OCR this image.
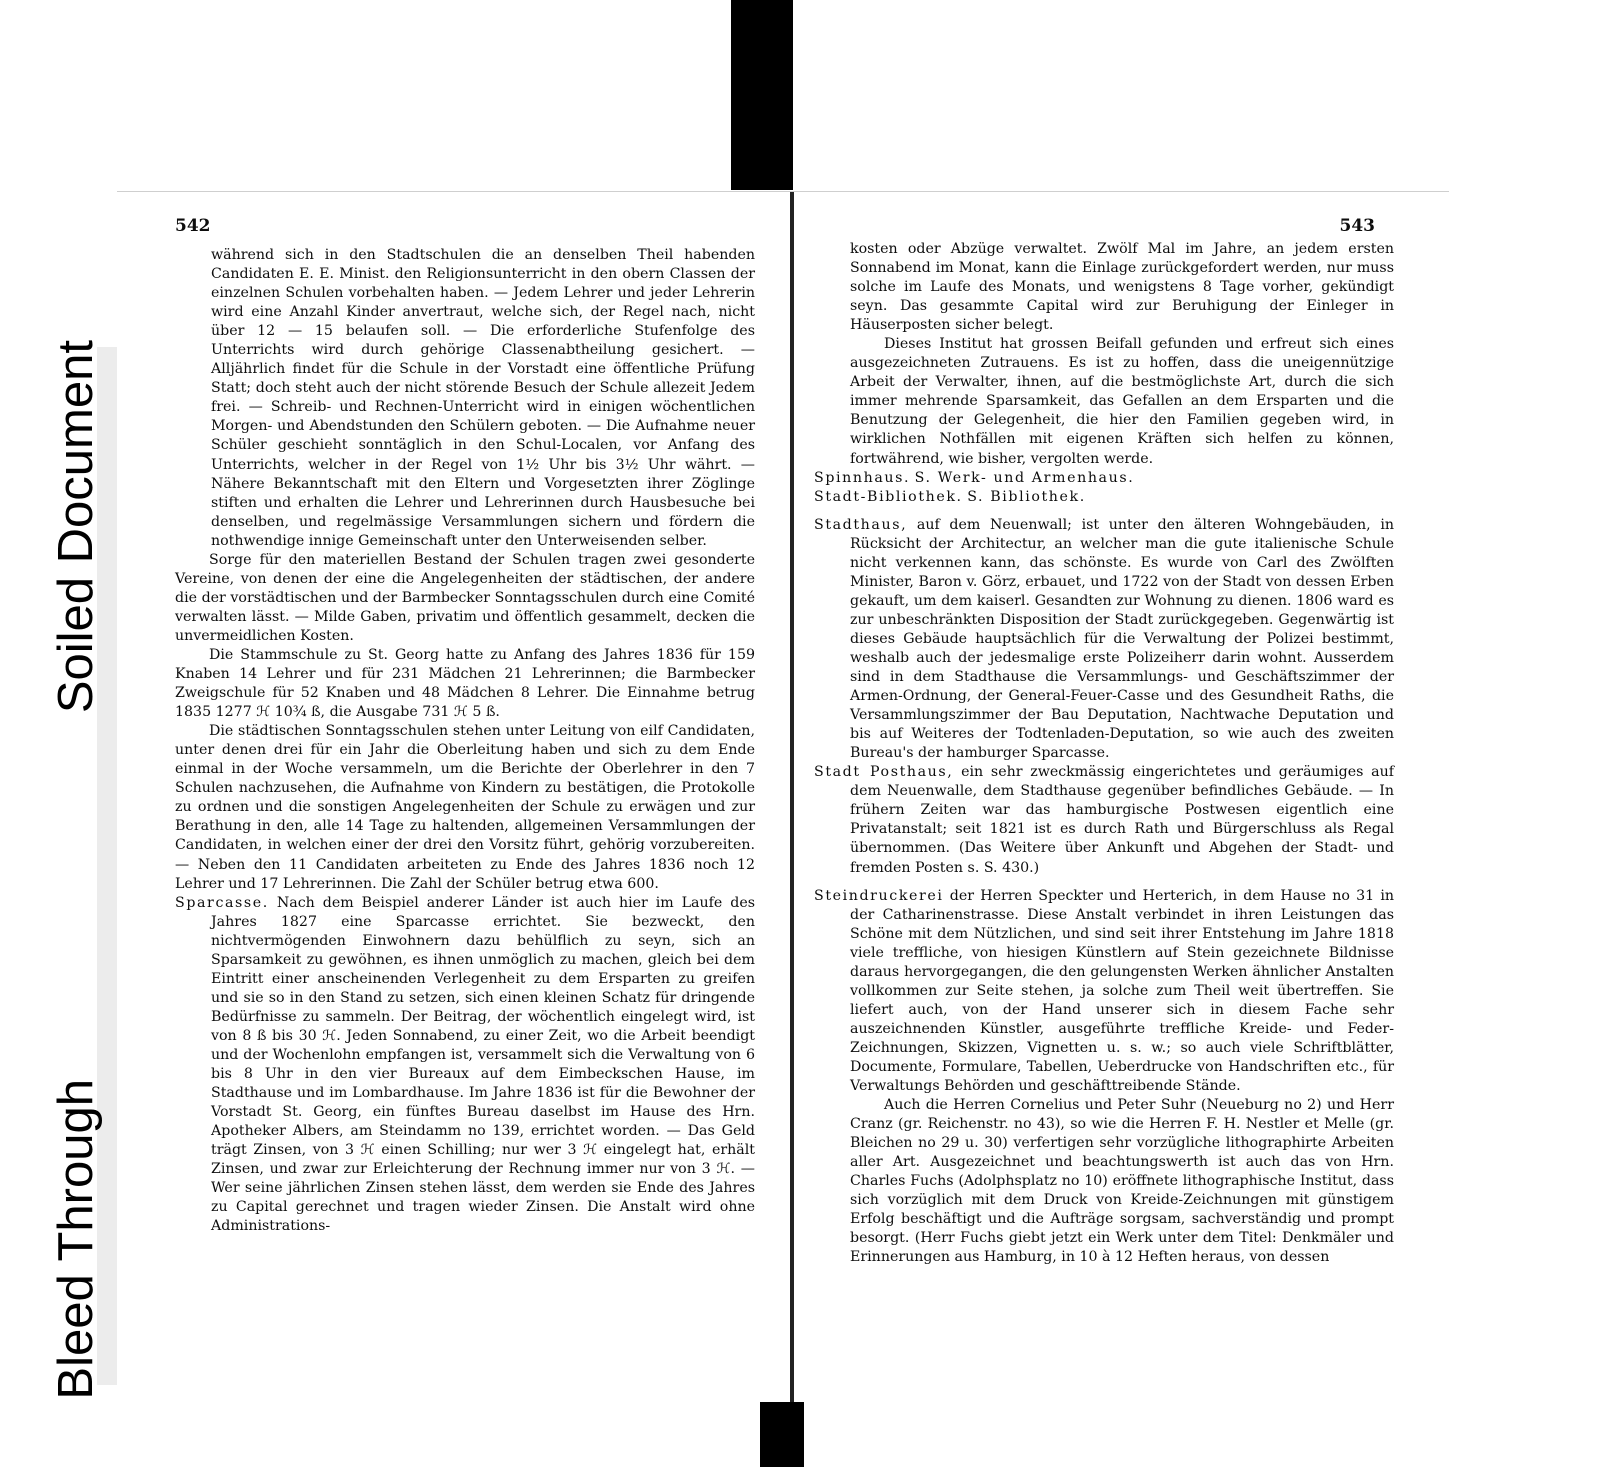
Bleed Through
Soiled Document
542

während sich in den Stadtschulen die an denselben Theil habenden Candidaten E. E. Minist. den Religionsunterricht in den obern Classen der einzelnen Schulen vorbehalten haben. — Jedem Lehrer und jeder Lehrerin wird eine Anzahl Kinder anvertraut, welche sich, der Regel nach, nicht über 12 — 15 belaufen soll. — Die erforderliche Stufenfolge des Unterrichts wird durch gehörige Classenabtheilung gesichert. — Alljährlich findet für die Schule in der Vorstadt eine öffentliche Prüfung Statt; doch steht auch der nicht störende Besuch der Schule allezeit Jedem frei. — Schreib- und Rechnen-Unterricht wird in einigen wöchentlichen Morgen- und Abendstunden den Schülern geboten. — Die Aufnahme neuer Schüler geschieht sonntäglich in den Schul-Localen, vor Anfang des Unterrichts, welcher in der Regel von 1½ Uhr bis 3½ Uhr währt. — Nähere Bekanntschaft mit den Eltern und Vorgesetzten ihrer Zöglinge stiften und erhalten die Lehrer und Lehrerinnen durch Hausbesuche bei denselben, und regelmässige Versammlungen sichern und fördern die nothwendige innige Gemeinschaft unter den Unterweisenden selber.

Sorge für den materiellen Bestand der Schulen tragen zwei gesonderte Vereine, von denen der eine die Angelegenheiten der städtischen, der andere die der vorstädtischen und der Barmbecker Sonntagsschulen durch eine Comité verwalten lässt. — Milde Gaben, privatim und öffentlich gesammelt, decken die unvermeidlichen Kosten.

Die Stammschule zu St. Georg hatte zu Anfang des Jahres 1836 für 159 Knaben 14 Lehrer und für 231 Mädchen 21 Lehrerinnen; die Barmbecker Zweigschule für 52 Knaben und 48 Mädchen 8 Lehrer. Die Einnahme betrug 1835 1277 ℋ 10¾ ß, die Ausgabe 731 ℋ 5 ß.

Die städtischen Sonntagsschulen stehen unter Leitung von eilf Candidaten, unter denen drei für ein Jahr die Oberleitung haben und sich zu dem Ende einmal in der Woche versammeln, um die Berichte der Oberlehrer in den 7 Schulen nachzusehen, die Aufnahme von Kindern zu bestätigen, die Protokolle zu ordnen und die sonstigen Angelegenheiten der Schule zu erwägen und zur Berathung in den, alle 14 Tage zu haltenden, allgemeinen Versammlungen der Candidaten, in welchen einer der drei den Vorsitz führt, gehörig vorzubereiten. — Neben den 11 Candidaten arbeiteten zu Ende des Jahres 1836 noch 12 Lehrer und 17 Lehrerinnen. Die Zahl der Schüler betrug etwa 600.

Sparcasse. Nach dem Beispiel anderer Länder ist auch hier im Laufe des Jahres 1827 eine Sparcasse errichtet. Sie bezweckt, den nichtvermögenden Einwohnern dazu behülflich zu seyn, sich an Sparsamkeit zu gewöhnen, es ihnen unmöglich zu machen, gleich bei dem Eintritt einer anscheinenden Verlegenheit zu dem Ersparten zu greifen und sie so in den Stand zu setzen, sich einen kleinen Schatz für dringende Bedürfnisse zu sammeln. Der Beitrag, der wöchentlich eingelegt wird, ist von 8 ß bis 30 ℋ. Jeden Sonnabend, zu einer Zeit, wo die Arbeit beendigt und der Wochenlohn empfangen ist, versammelt sich die Verwaltung von 6 bis 8 Uhr in den vier Bureaux auf dem Eimbeckschen Hause, im Stadthause und im Lombardhause. Im Jahre 1836 ist für die Bewohner der Vorstadt St. Georg, ein fünftes Bureau daselbst im Hause des Hrn. Apotheker Albers, am Steindamm no 139, errichtet worden. — Das Geld trägt Zinsen, von 3 ℋ einen Schilling; nur wer 3 ℋ eingelegt hat, erhält Zinsen, und zwar zur Erleichterung der Rechnung immer nur von 3 ℋ. — Wer seine jährlichen Zinsen stehen lässt, dem werden sie Ende des Jahres zu Capital gerechnet und tragen wieder Zinsen. Die Anstalt wird ohne Administrations-

543

kosten oder Abzüge verwaltet. Zwölf Mal im Jahre, an jedem ersten Sonnabend im Monat, kann die Einlage zurückgefordert werden, nur muss solche im Laufe des Monats, und wenigstens 8 Tage vorher, gekündigt seyn. Das gesammte Capital wird zur Beruhigung der Einleger in Häuserposten sicher belegt.

Dieses Institut hat grossen Beifall gefunden und erfreut sich eines ausgezeichneten Zutrauens. Es ist zu hoffen, dass die uneigennützige Arbeit der Verwalter, ihnen, auf die bestmöglichste Art, durch die sich immer mehrende Sparsamkeit, das Gefallen an dem Ersparten und die Benutzung der Gelegenheit, die hier den Familien gegeben wird, in wirklichen Nothfällen mit eigenen Kräften sich helfen zu können, fortwährend, wie bisher, vergolten werde.

Spinnhaus. S. Werk- und Armenhaus.

Stadt-Bibliothek. S. Bibliothek.

Stadthaus, auf dem Neuenwall; ist unter den älteren Wohngebäuden, in Rücksicht der Architectur, an welcher man die gute italienische Schule nicht verkennen kann, das schönste. Es wurde von Carl des Zwölften Minister, Baron v. Görz, erbauet, und 1722 von der Stadt von dessen Erben gekauft, um dem kaiserl. Gesandten zur Wohnung zu dienen. 1806 ward es zur unbeschränkten Disposition der Stadt zurückgegeben. Gegenwärtig ist dieses Gebäude hauptsächlich für die Verwaltung der Polizei bestimmt, weshalb auch der jedesmalige erste Polizeiherr darin wohnt. Ausserdem sind in dem Stadthause die Versammlungs- und Geschäftszimmer der Armen-Ordnung, der General-Feuer-Casse und des Gesundheit Raths, die Versammlungszimmer der Bau Deputation, Nachtwache Deputation und bis auf Weiteres der Todtenladen-Deputation, so wie auch des zweiten Bureau's der hamburger Sparcasse.

Stadt Posthaus, ein sehr zweckmässig eingerichtetes und geräumiges auf dem Neuenwalle, dem Stadthause gegenüber befindliches Gebäude. — In frühern Zeiten war das hamburgische Postwesen eigentlich eine Privatanstalt; seit 1821 ist es durch Rath und Bürgerschluss als Regal übernommen. (Das Weitere über Ankunft und Abgehen der Stadt- und fremden Posten s. S. 430.)

Steindruckerei der Herren Speckter und Herterich, in dem Hause no 31 in der Catharinenstrasse. Diese Anstalt verbindet in ihren Leistungen das Schöne mit dem Nützlichen, und sind seit ihrer Entstehung im Jahre 1818 viele treffliche, von hiesigen Künstlern auf Stein gezeichnete Bildnisse daraus hervorgegangen, die den gelungensten Werken ähnlicher Anstalten vollkommen zur Seite stehen, ja solche zum Theil weit übertreffen. Sie liefert auch, von der Hand unserer sich in diesem Fache sehr auszeichnenden Künstler, ausgeführte treffliche Kreide- und Feder-Zeichnungen, Skizzen, Vignetten u. s. w.; so auch viele Schriftblätter, Documente, Formulare, Tabellen, Ueberdrucke von Handschriften etc., für Verwaltungs Behörden und geschäfttreibende Stände.

Auch die Herren Cornelius und Peter Suhr (Neueburg no 2) und Herr Cranz (gr. Reichenstr. no 43), so wie die Herren F. H. Nestler et Melle (gr. Bleichen no 29 u. 30) verfertigen sehr vorzügliche lithographirte Arbeiten aller Art. Ausgezeichnet und beachtungswerth ist auch das von Hrn. Charles Fuchs (Adolphsplatz no 10) eröffnete lithographische Institut, dass sich vorzüglich mit dem Druck von Kreide-Zeichnungen mit günstigem Erfolg beschäftigt und die Aufträge sorgsam, sachverständig und prompt besorgt. (Herr Fuchs giebt jetzt ein Werk unter dem Titel: Denkmäler und Erinnerungen aus Hamburg, in 10 à 12 Heften heraus, von dessen
